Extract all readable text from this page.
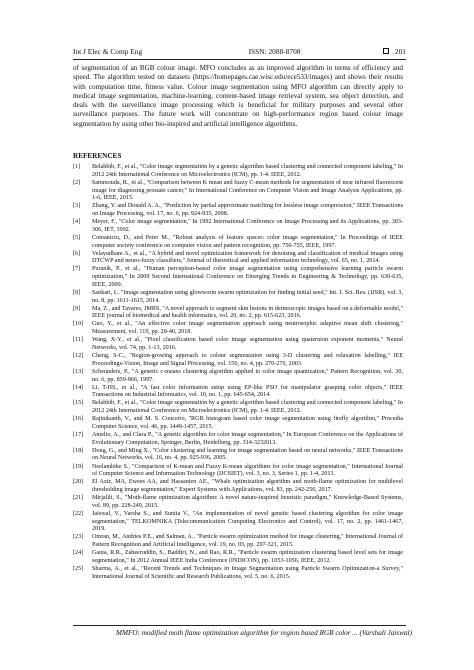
Int J Elec & Comp Eng	ISSN: 2088-8708	201

of segmentation of an RGB colour image. MFO concludes as an improved algorithm in terms of efficiency and speed. The algorithm tested on datasets (https://homepages.cae.wisc.edu/ece533/images) and shows their results with computation time, fitness value. Colour image segmentation using MFO algorithm can directly apply to medical image segmentation, machine-learning, content-based image retrieval system, sea object detection, and deals with the surveillance image processing which is beneficial for military purposes and several other surveillance purposes. The future work will concentrate on high-performance region based colour image segmentation by using other bio-inspired and artificial intelligence algorithms.

REFERENCES
[1]	Belahbib, F., et al., "Color image segmentation by a genetic algorithm based clustering and connected component labeling," In 2012 24th International Conference on Microelectronics (ICM), pp. 1-4. IEEE, 2012.
[2]	Sammouda, R., et al., "Comparison between K mean and fuzzy C-mean methods for segmentation of near infrared fluorescent image for diagnosing prostate cancer," In International Conference on Computer Vision and Image Analysis Applications, pp. 1-6, IEEE, 2015.
[3]	Zhang, Y. and Donald A. A., "Prediction by partial approximate matching for lossless image compression," IEEE Transactions on Image Processing, vol. 17, no. 6, pp. 924-935, 2008.
[4]	Meyer, F., "Color image segmentation," In 1992 International Conference on Image Processing and its Applications, pp. 303-306, IET, 1992.
[5]	Comaniciu, D., and Peter M., "Robust analysis of feature spaces: color image segmentation," In Proceedings of IEEE computer society conference on computer vision and pattern recognition, pp. 750-755, IEEE, 1997.
[6]	Velayudham A., et al., "A hybrid and novel optimization framework for denoising and classification of medical images using DTCWP and neuro-fuzzy classifiers," Journal of theoretical and applied information technology, vol. 65, no. 1, 2014.
[7]	Puranik, P., et al., "Human perception-based color image segmentation using comprehensive learning particle swarm optimization," In 2009 Second International Conference on Emerging Trends in Engineering & Technology, pp. 630-635, IEEE, 2009.
[8]	Sankari, L. "Image segmentation using glowworm swarm optimization for finding initial seed," Int. J. Sci. Res. (IJSR), vol. 3, no. 8, pp. 1611-1615, 2014.
[9]	Ma, Z., and Tavares, JMRS, "A novel approach to segment skin lesions in dermoscopic images based on a deformable model," IEEE journal of biomedical and health informatics, vol. 20, no. 2, pp. 615-623, 2016.
[10]	Guo, Y., et al., "An effective color image segmentation approach using neutrosophic adaptive mean shift clustering," Measurement, vol. 119, pp. 28-40, 2018.
[11]	Wang, X-Y., et al., "Pixel classification based color image segmentation using quaternion exponent moments," Neural Networks, vol. 74, pp. 1-13, 2016.
[12]	Cheng, S-C., "Region-growing approach to colour segmentation using 3-D clustering and relaxation labelling," IEE Proceedings-Vision, Image and Signal Processing, vol. 150, no. 4, pp. 270-276, 2003.
[13]	Scheunders, P., "A genetic c-means clustering algorithm applied to color image quantization," Pattern Recognition, vol. 30, no. 6, pp. 859-866, 1997.
[14]	Li, T-HS., et al., "A fast color information setup using EP-like PSO for manipulator grasping color objects," IEEE Transactions on Industrial Informatics, vol. 10, no. 1, pp. 645-654, 2014.
[15]	Belahbib, F., et al., "Color image segmentation by a genetic algorithm based clustering and connected component labeling," In 2012 24th International Conference on Microelectronics (ICM), pp. 1-4. IEEE, 2012.
[16]	Rajinikanth, V., and M. S. Couceiro, "RGB histogram based color image segmentation using firefly algorithm," Procedia Computer Science, vol. 46, pp. 1449-1457, 2015.
[17]	Amelio, A., and Clara P., "A genetic algorithm for color image segmentation," In European Conference on the Applications of Evolutionary Computation, Springer, Berlin, Heidelberg, pp. 314-3232013.
[18]	Dong, G., and Ming X., "Color clustering and learning for image segmentation based on neural networks," IEEE Transactions on Neural Networks, vol. 16, no. 4, pp. 925-936, 2005.
[19]	Neelambike S., "Comparison of K-mean and Fuzzy K-mean algorithms for color image segmentation," International Journal of Computer Science and Information Technology (IJCSIET), vol. 3, no. 3, Series 1, pp. 1-4, 2013.
[20]	El Aziz, MA, Ewees AA, and Hassanien AE., "Whale optimization algorithm and moth-flame optimization for multilevel thresholding image segmentation," Expert Systems with Applications, vol. 83, pp. 242-256, 2017.
[21]	Mirjalili, S., "Moth-flame optimization algorithm: A novel nature-inspired heuristic paradigm," Knowledge-Based Systems, vol. 89, pp. 228-249, 2015.
[22]	Jaiswal, V., Varsha S., and Sunita V., "An implementation of novel genetic based clustering algorithm for color image segmentation," TELKOMNIKA (Telecommunication Computing Electronics and Control), vol. 17, no. 2, pp. 1461-1467, 2019.
[23]	Omran, M., Andries P.E., and Salman, A., "Particle swarm optimization method for image clustering," International Journal of Pattern Recognition and Artificial Intelligence, vol. 19, no. 03, pp. 297-321, 2015.
[24]	Ganta, R.R., Zaheeruddin, S., Baddiri, N., and Rao, R.R., "Particle swarm optimization clustering based level sets for image segmentation," In 2012 Annual IEEE India Conference (INDICON), pp. 1053-1056, IEEE, 2012.
[25]	Sharma, A., et al., "Recent Trends and Techniques in Image Segmentation using Particle Swarm Optimization-a Survey," International Journal of Scientific and Research Publications, vol. 5, no. 6, 2015.
MMFO: modified moth flame optimization algorithm for region based RGB color ... (Varshali Jaiswal)
